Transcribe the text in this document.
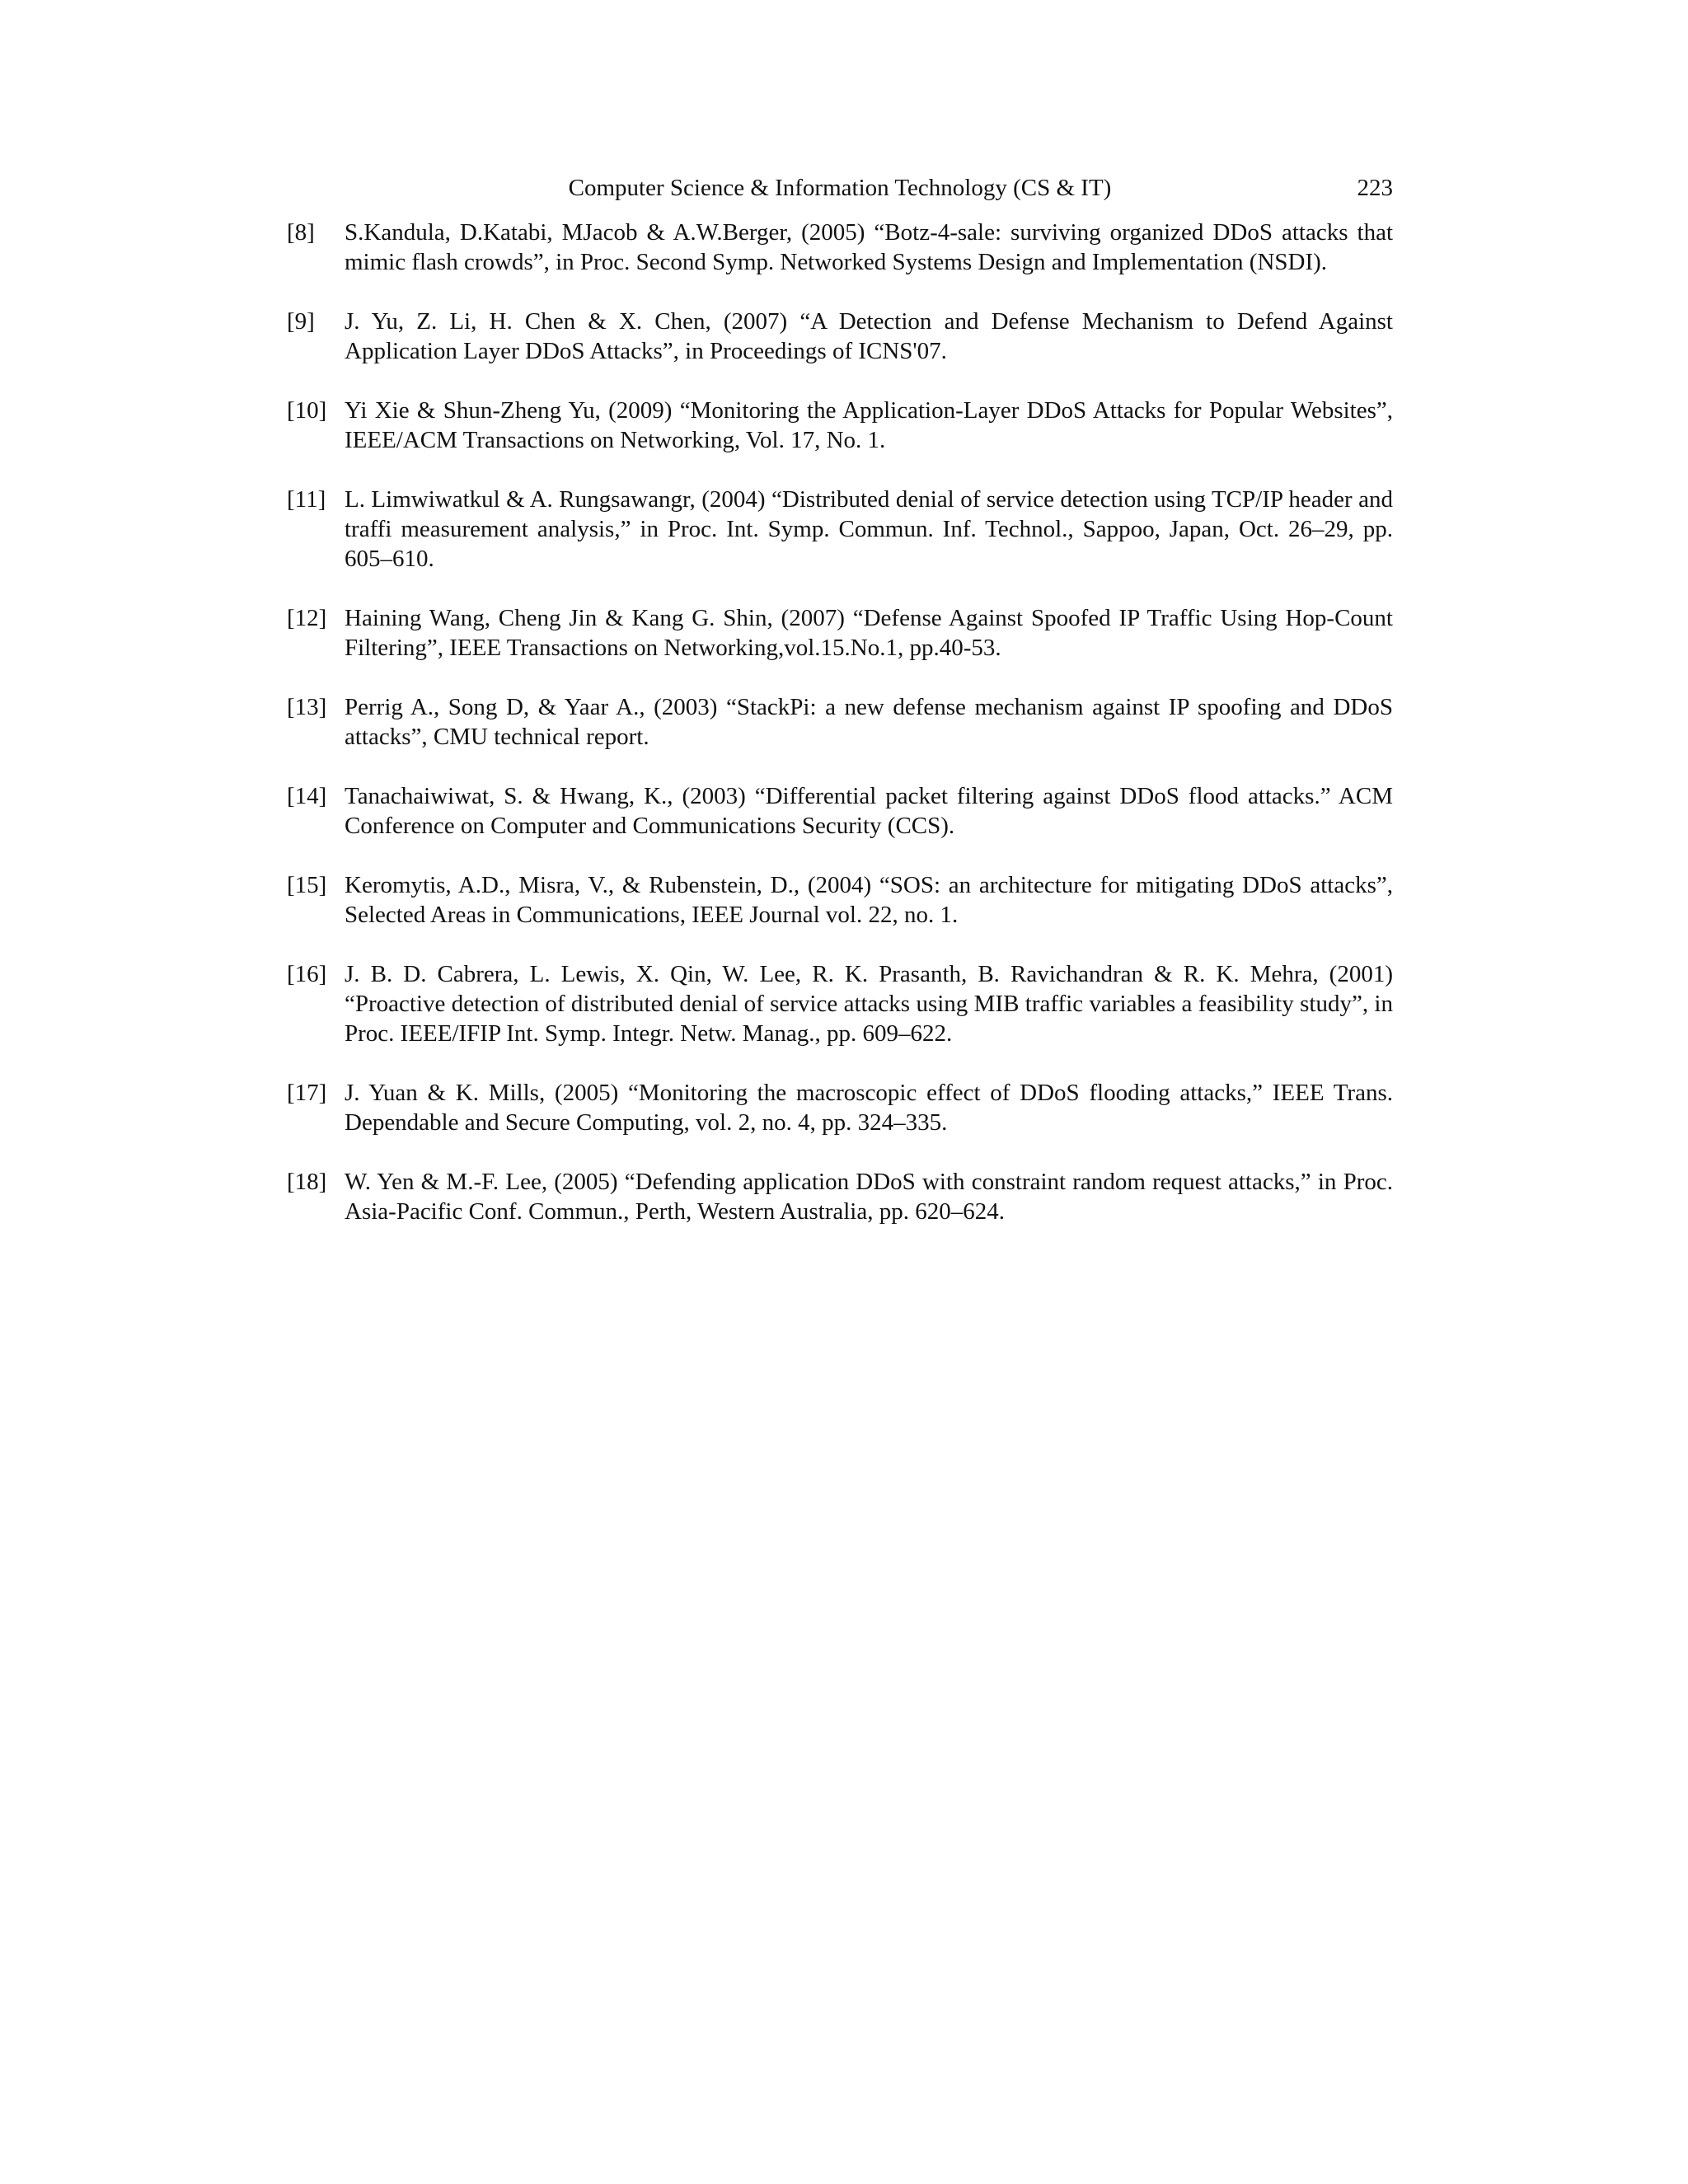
Computer Science & Information Technology (CS & IT)	223
[8] S.Kandula, D.Katabi, MJacob & A.W.Berger, (2005) “Botz-4-sale: surviving organized DDoS attacks that mimic flash crowds”, in Proc. Second Symp. Networked Systems Design and Implementation (NSDI).
[9] J. Yu, Z. Li, H. Chen & X. Chen, (2007) “A Detection and Defense Mechanism to Defend Against Application Layer DDoS Attacks”, in Proceedings of ICNS'07.
[10] Yi Xie & Shun-Zheng Yu, (2009) “Monitoring the Application-Layer DDoS Attacks for Popular Websites”, IEEE/ACM Transactions on Networking, Vol. 17, No. 1.
[11] L. Limwiwatkul & A. Rungsawangr, (2004) “Distributed denial of service detection using TCP/IP header and traffi measurement analysis,” in Proc. Int. Symp. Commun. Inf. Technol., Sappoo, Japan, Oct. 26–29, pp. 605–610.
[12] Haining Wang, Cheng Jin & Kang G. Shin, (2007) “Defense Against Spoofed IP Traffic Using Hop-Count Filtering”, IEEE Transactions on Networking,vol.15.No.1, pp.40-53.
[13] Perrig A., Song D, & Yaar A., (2003) “StackPi: a new defense mechanism against IP spoofing and DDoS attacks”, CMU technical report.
[14] Tanachaiwiwat, S. & Hwang, K., (2003) “Differential packet filtering against DDoS flood attacks.” ACM Conference on Computer and Communications Security (CCS).
[15] Keromytis, A.D., Misra, V., & Rubenstein, D., (2004) “SOS: an architecture for mitigating DDoS attacks”, Selected Areas in Communications, IEEE Journal vol. 22, no. 1.
[16] J. B. D. Cabrera, L. Lewis, X. Qin, W. Lee, R. K. Prasanth, B. Ravichandran & R. K. Mehra, (2001) “Proactive detection of distributed denial of service attacks using MIB traffic variables a feasibility study”, in Proc. IEEE/IFIP Int. Symp. Integr. Netw. Manag., pp. 609–622.
[17] J. Yuan & K. Mills, (2005) “Monitoring the macroscopic effect of DDoS flooding attacks,” IEEE Trans. Dependable and Secure Computing, vol. 2, no. 4, pp. 324–335.
[18] W. Yen & M.-F. Lee, (2005) “Defending application DDoS with constraint random request attacks,” in Proc. Asia-Pacific Conf. Commun., Perth, Western Australia, pp. 620–624.
